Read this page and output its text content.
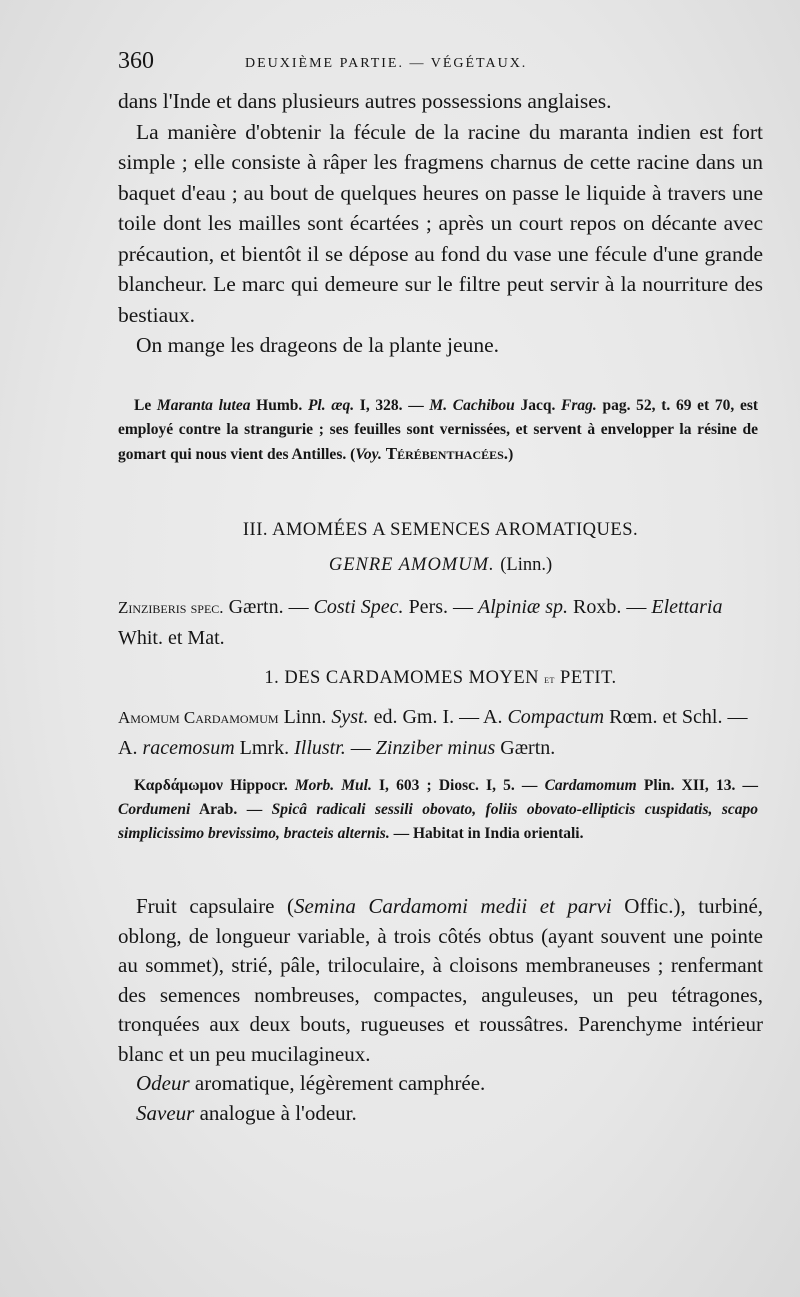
360	DEUXIÈME PARTIE. — VÉGÉTAUX.

dans l'Inde et dans plusieurs autres possessions anglaises.

La manière d'obtenir la fécule de la racine du maranta indien est fort simple ; elle consiste à râper les fragmens charnus de cette racine dans un baquet d'eau ; au bout de quelques heures on passe le liquide à travers une toile dont les mailles sont écartées ; après un court repos on décante avec précaution, et bientôt il se dépose au fond du vase une fécule d'une grande blancheur. Le marc qui demeure sur le filtre peut servir à la nourriture des bestiaux.

On mange les drageons de la plante jeune.

Le Maranta lutea Humb. Pl. æq. I, 328. — M. Cachibou Jacq. Frag. pag. 52, t. 69 et 70, est employé contre la strangurie ; ses feuilles sont vernissées, et servent à envelopper la résine de gomart qui nous vient des Antilles. (Voy. Térébenthacées.)

III. AMOMÉES A SEMENCES AROMATIQUES.

GENRE AMOMUM. (Linn.)

Zinziberis spec. Gærtn. — Costi Spec. Pers. — Alpiniæ sp. Roxb. — Elettaria Whit. et Mat.

1. DES CARDAMOMES MOYEN et PETIT.

Amomum Cardamomum Linn. Syst. ed. Gm. I. — A. Compactum Rœm. et Schl. — A. racemosum Lmrk. Illustr. — Zinziber minus Gærtn.

Καρδάμωμον Hippocr. Morb. Mul. I, 603 ; Diosc. I, 5. — Cardamomum Plin. XII, 13. — Cordumeni Arab. — Spicâ radicali sessili obovato, foliis obovato-ellipticis cuspidatis, scapo simplicissimo brevissimo, bracteis alternis. — Habitat in India orientali.

Fruit capsulaire (Semina Cardamomi medii et parvi Offic.), turbiné, oblong, de longueur variable, à trois côtés obtus (ayant souvent une pointe au sommet), strié, pâle, triloculaire, à cloisons membraneuses ; renfermant des semences nombreuses, compactes, anguleuses, un peu tétragones, tronquées aux deux bouts, rugueuses et roussâtres. Parenchyme intérieur blanc et un peu mucilagineux.

Odeur aromatique, légèrement camphrée.

Saveur analogue à l'odeur.
